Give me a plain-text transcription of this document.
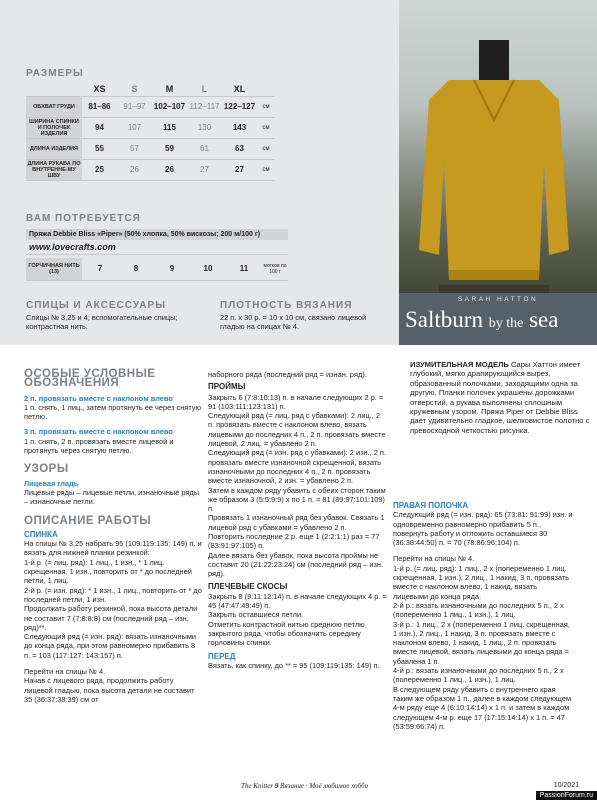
SARAH HATTON
Saltburn by the sea
РАЗМЕРЫ
	XS	S	M	L	XL	
ОБХВАТ ГРУДИ	81–86	91–97	102–107	112–117	122–127	см
ШИРИНА СПИНКИ И ПОЛОЧЕК ИЗДЕЛИЯ	94	107	115	130	143	см
ДЛИНА ИЗДЕЛИЯ	55	57	59	61	63	см
ДЛИНА РУКАВА ПО ВНУТРЕННЕ-МУ ШВУ	25	26	26	27	27	см
ВАМ ПОТРЕБУЕТСЯ
Пряжа Debbie Bliss «Piper» (50% хлопка, 50% вискозы; 200 м/100 г)
www.lovecrafts.com
ГОРЧИЧНАЯ НИТЬ (13)	7	8	9	10	11	мотков по 100 г
СПИЦЫ И АКСЕССУАРЫ
Спицы № 3,25 и 4; вспомогательные спицы; контрастная нить.
ПЛОТНОСТЬ ВЯЗАНИЯ
22 п. x 30 р. = 10 x 10 см, связано лицевой гладью на спицах № 4.
ИЗУМИТЕЛЬНАЯ МОДЕЛЬ Сары Хаттон имеет глубокий, мягко драпирующийся вырез, образованный полочками, заходящими одна за другую. Планки полочек украшены дорожками отверстий, а рукава выполнены сплошным кружевным узором. Пряжа Piper от Debbie Bliss дает удивительно гладкое, шелковистое полотно с превосходной четкостью рисунка.
ОСОБЫЕ УСЛОВНЫЕ ОБОЗНАЧЕНИЯ

2 п. провязать вместе с наклоном влево

1 п. снять, 1 лиц., затем протянуть ее через снятую петлю.

3 п. провязать вместе с наклоном влево

1 п. снять, 2 п. провязать вместе лицевой и протянуть через снятую петлю.

УЗОРЫ

Лицевая гладь

Лицевые ряды – лицевые петли, изнаночные ряды – изнаночные петли.

ОПИСАНИЕ РАБОТЫ
СПИНКА

На спицы № 3,25 набрать 95 (109:119:135: 149) п. и вязать для нижней планки резинкой:

1-й р. (= лиц. ряд): 1 лиц., 1 изн., * 1 лиц. скрещенная, 1 изн., повторить от * до последней петли, 1 лиц.

2-й р. (= изн. ряд): * 1 изн., 1 лиц., повторить от * до последней петли, 1 изн.

Продолжать работу резинкой, пока высота детали не составит 7 (7:8:8:8) см (последний ряд – изн. ряд)**.

Следующий ряд (= изн. ряд): вязать изнаночными до конца ряда, при этом равномерно прибавить 8 п. = 103 (117:127: 143:157) п.

Перейти на спицы № 4.

Начав с лицевого ряда, продолжить работу лицевой гладью, пока высота детали не составит 35 (36:37:38:39) см от

наборного ряда (последний ряд = изнан. ряд).

ПРОЙМЫ

Закрыть 6 (7:8:10:13) п. в начале следующих 2 р. = 91 (103:111:123:131) п.

Следующий ряд (= лиц. ряд с убавками): 2 лиц., 2 п. провязать вместе с наклоном влево, вязать лицевыми до последних 4 п., 2 п. провязать вместе лицевой, 2 лиц. = убавлено 2 п.

Следующий ряд (= изн. ряд с убавками): 2 изн., 2 п. провязать вместе изнаночной скрещенной, вязать изнаночными до последних 4 п., 2 п. провязать вместе изнаночной, 2 изн. = убавлено 2 п.

Затем в каждом ряду убавить с обеих сторон таким же образом 3 (5:5:9:9) х по 1 п. = 81 (89:97:101:109) п.

Провязать 1 изнаночный ряд без убавок. Связать 1 лицевой ряд с убавками = убавлено 2 п.

Повторить последние 2 р. еще 1 (2:2:1:1) раз = 77 (83:91:97:105) п.

Далее вязать без убавок, пока высота проймы не составит 20 (21:22:23:24) см (последний ряд – изн. ряд).

ПЛЕЧЕВЫЕ СКОСЫ

Закрыть 8 (9:11:12:14) п. в начале следующих 4 р. = 45 (47:47:49:49) п.

Закрыть оставшиеся петли.

Отметить контрастной нитью среднюю петлю закрытого ряда, чтобы обозначить середину горловины спинки.

ПЕРЕД

Вязать, как спинку, до ** = 95 (109:119:135: 149) п.

ПРАВАЯ ПОЛОЧКА

Следующий ряд (= изн. ряд): 65 (73:81: 91:99) изн. и одновременно равномерно прибавить 5 п., повернуть работу и отложить оставшиеся 30 (36:38:44:50) п. = 70 (78:86:96:104) п.

Перейти на спицы № 4.

1-й р. (= лиц. ряд): 1 лиц., 2 x (попеременно 1 лиц. скрещенная, 1 изн.), 2 лиц., 1 накид, 3 п. провязать вместе с наклоном влево, 1 накид, вязать лицевыми до конца ряда.

2-й р.: вязать изнаночными до последних 5 п., 2 x (попеременно 1 лиц., 1 изн.), 1 лиц.

3-й р.: 1 лиц., 2 x (попеременно 1 лиц. скрещенная, 1 изн.), 2 лиц., 1 накид, 3 п. провязать вместе с наклоном влево, 1 накид, 1 лиц., 2 п. провязать вместе лицевой, вязать лицевыми до конца ряда = убавлена 1 п.

4-й р.: вязать изнаночными до последних 5 п., 2 x (попеременно 1 лиц., 1 изн.), 1 лиц.

В следующем ряду убавить с внутреннего края таким же образом 1 п., далее в каждом следующем 4-м ряду еще 4 (6:10:14:14) x 1 п. и затем в каждом следующем 4-м р. еще 17 (17:15:14:14) x 1 п. = 47 (53:59:66:74) п.

The Knitter 9 Вязание · Моё любимое хобби	10/2021
PassionForum.ru
